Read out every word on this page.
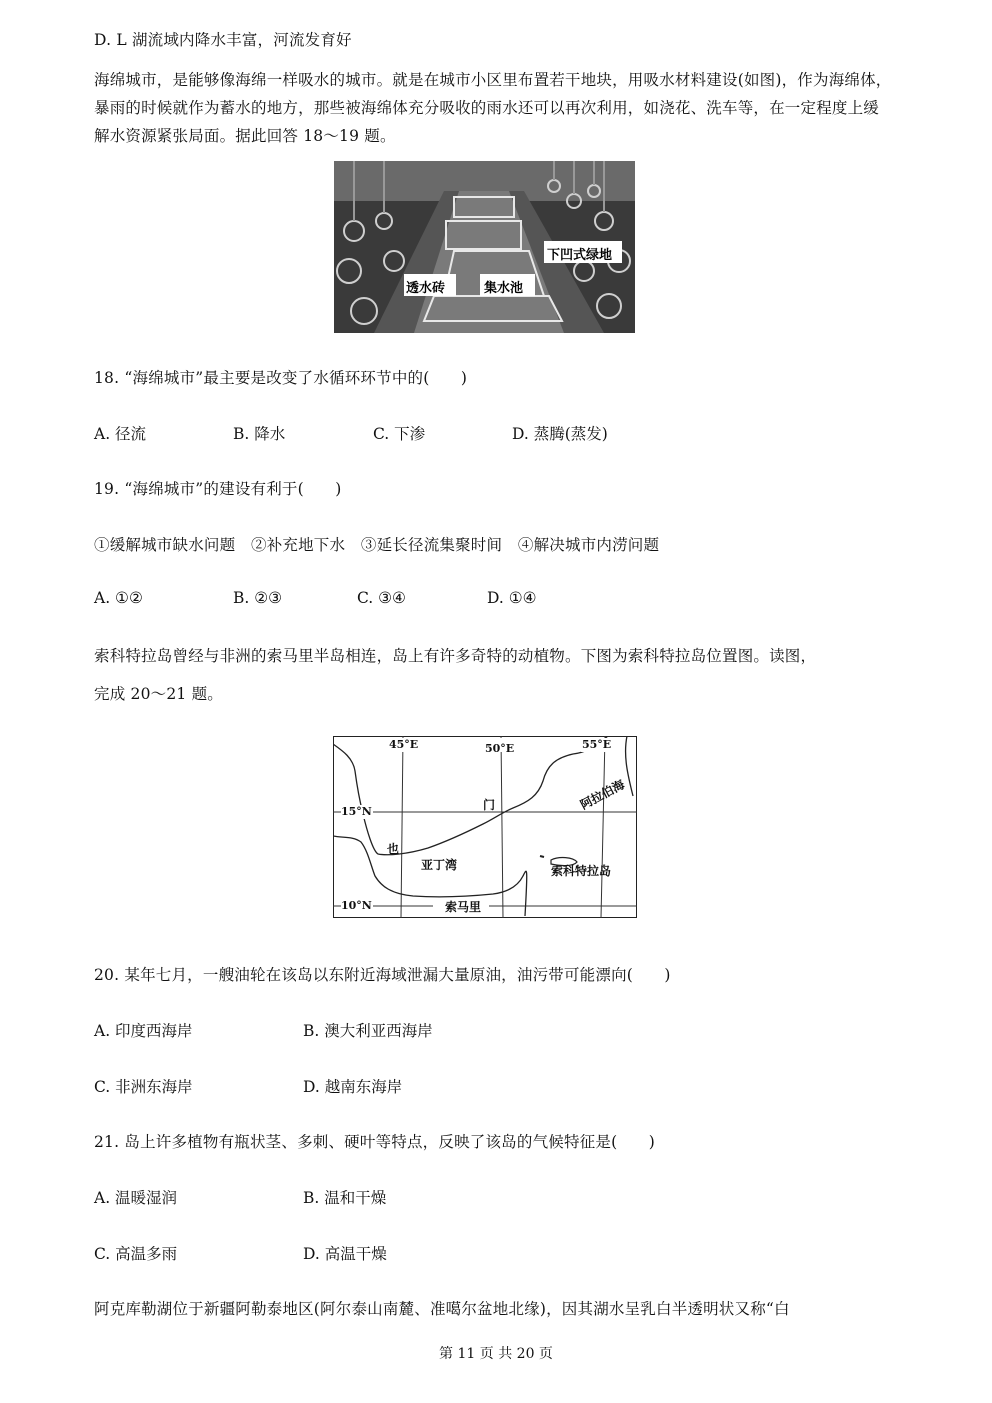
D. L 湖流域内降水丰富，河流发育好
海绵城市，是能够像海绵一样吸水的城市。就是在城市小区里布置若干地块，用吸水材料建设(如图)，作为海绵体，暴雨的时候就作为蓄水的地方，那些被海绵体充分吸收的雨水还可以再次利用，如浇花、洗车等，在一定程度上缓解水资源紧张局面。据此回答 18～19 题。
透水砖	集水池
下凹式绿地
18. “海绵城市”最主要是改变了水循环环节中的(　　)
A. 径流	B. 降水	C. 下渗	D. 蒸腾(蒸发)
19. “海绵城市”的建设有利于(　　)
①缓解城市缺水问题　②补充地下水　③延长径流集聚时间　④解决城市内涝问题
A. ①②	B. ②③	C. ③④	D. ①④
索科特拉岛曾经与非洲的索马里半岛相连，岛上有许多奇特的动植物。下图为索科特拉岛位置图。读图，
完成 20～21 题。
45°E	50°E	55°E
15°N
10°N
门
也
阿拉伯海
亚丁湾	索科特拉岛
索马里
20. 某年七月，一艘油轮在该岛以东附近海域泄漏大量原油，油污带可能漂向(　　)
A. 印度西海岸	B. 澳大利亚西海岸
C. 非洲东海岸	D. 越南东海岸
21. 岛上许多植物有瓶状茎、多刺、硬叶等特点，反映了该岛的气候特征是(　　)
A. 温暖湿润	B. 温和干燥
C. 高温多雨	D. 高温干燥
阿克库勒湖位于新疆阿勒泰地区(阿尔泰山南麓、准噶尔盆地北缘)，因其湖水呈乳白半透明状又称“白
第 11 页 共 20 页
